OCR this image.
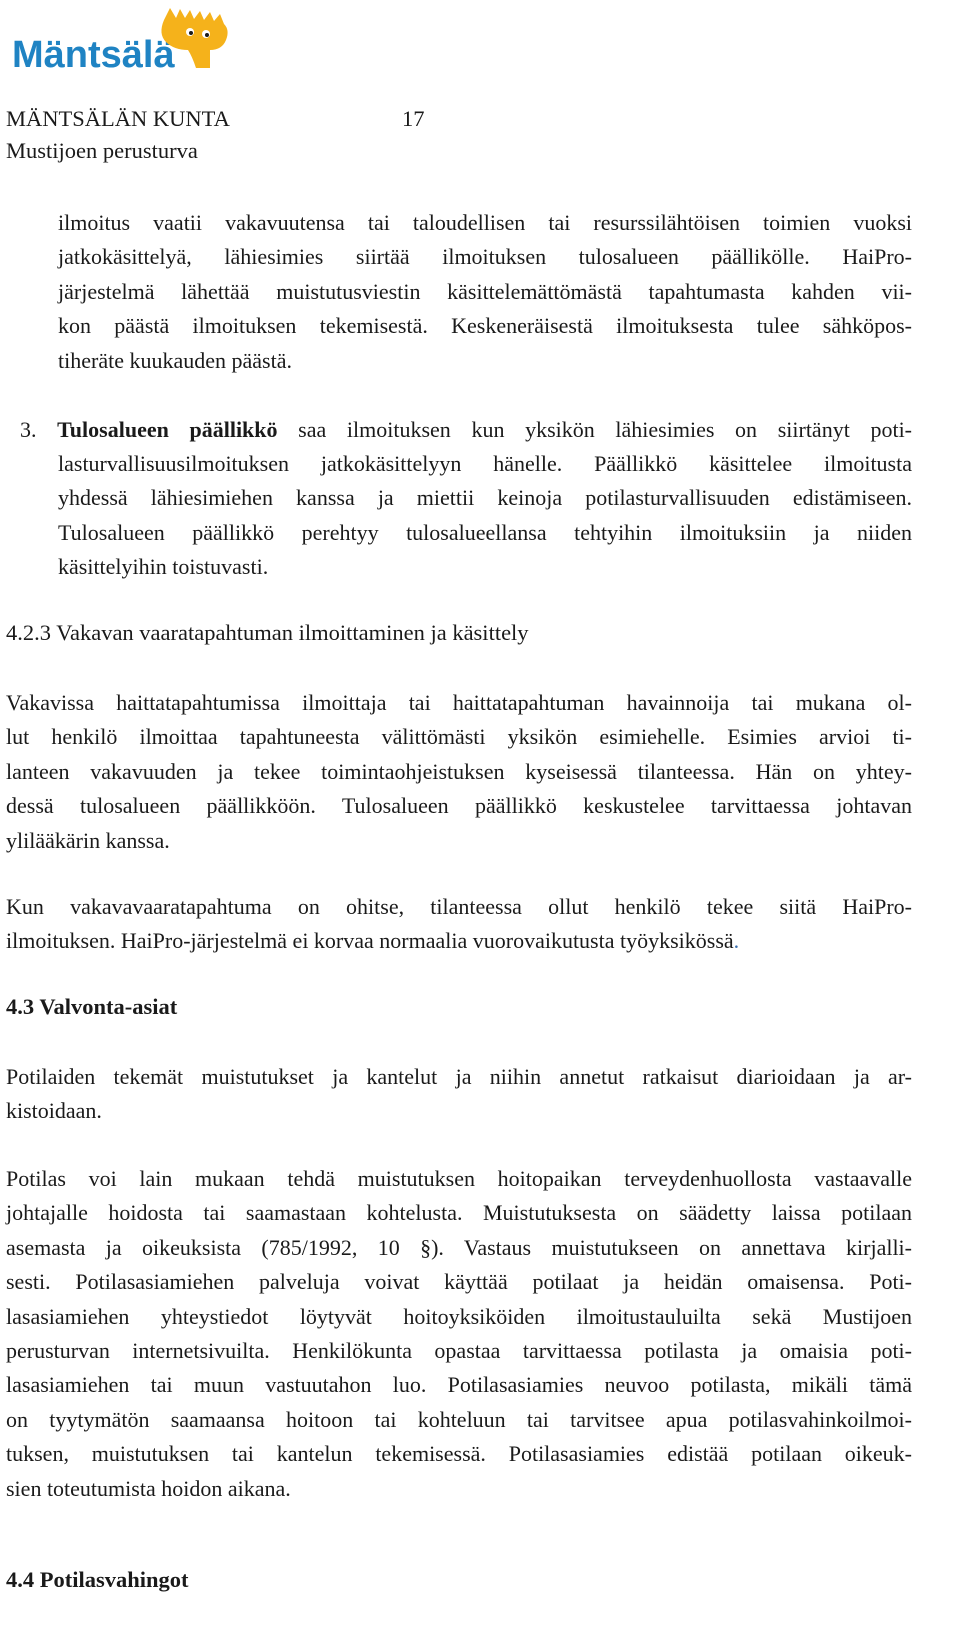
Mäntsälä
MÄNTSÄLÄN KUNTA	17
Mustijoen perusturva
ilmoitus vaatii vakavuutensa tai taloudellisen tai resurssilähtöisen toimien vuoksi
jatkokäsittelyä, lähiesimies siirtää ilmoituksen tulosalueen päällikölle. HaiPro-
järjestelmä lähettää muistutusviestin käsittelemättömästä tapahtumasta kahden vii-
kon päästä ilmoituksen tekemisestä. Keskeneräisestä ilmoituksesta tulee sähköpos-
tiheräte kuukauden päästä.
3. Tulosalueen päällikkö saa ilmoituksen kun yksikön lähiesimies on siirtänyt poti-
lasturvallisuusilmoituksen jatkokäsittelyyn hänelle. Päällikkö käsittelee ilmoitusta
yhdessä lähiesimiehen kanssa ja miettii keinoja potilasturvallisuuden edistämiseen.
Tulosalueen päällikkö perehtyy tulosalueellansa tehtyihin ilmoituksiin ja niiden
käsittelyihin toistuvasti.
4.2.3 Vakavan vaaratapahtuman ilmoittaminen ja käsittely
Vakavissa haittatapahtumissa ilmoittaja tai haittatapahtuman havainnoija tai mukana ol-
lut henkilö ilmoittaa tapahtuneesta välittömästi yksikön esimiehelle. Esimies arvioi ti-
lanteen vakavuuden ja tekee toimintaohjeistuksen kyseisessä tilanteessa. Hän on yhtey-
dessä tulosalueen päällikköön. Tulosalueen päällikkö keskustelee tarvittaessa johtavan
ylilääkärin kanssa.
Kun vakavavaaratapahtuma on ohitse, tilanteessa ollut henkilö tekee siitä HaiPro-
ilmoituksen. HaiPro-järjestelmä ei korvaa normaalia vuorovaikutusta työyksikössä.
4.3 Valvonta-asiat
Potilaiden tekemät muistutukset ja kantelut ja niihin annetut ratkaisut diarioidaan ja ar-
kistoidaan.
Potilas voi lain mukaan tehdä muistutuksen hoitopaikan terveydenhuollosta vastaavalle
johtajalle hoidosta tai saamastaan kohtelusta. Muistutuksesta on säädetty laissa potilaan
asemasta ja oikeuksista (785/1992, 10 §). Vastaus muistutukseen on annettava kirjalli-
sesti. Potilasasiamiehen palveluja voivat käyttää potilaat ja heidän omaisensa. Poti-
lasasiamiehen yhteystiedot löytyvät hoitoyksiköiden ilmoitustauluilta sekä Mustijoen
perusturvan internetsivuilta. Henkilökunta opastaa tarvittaessa potilasta ja omaisia poti-
lasasiamiehen tai muun vastuutahon luo. Potilasasiamies neuvoo potilasta, mikäli tämä
on tyytymätön saamaansa hoitoon tai kohteluun tai tarvitsee apua potilasvahinkoilmoi-
tuksen, muistutuksen tai kantelun tekemisessä. Potilasasiamies edistää potilaan oikeuk-
sien toteutumista hoidon aikana.
4.4 Potilasvahingot
